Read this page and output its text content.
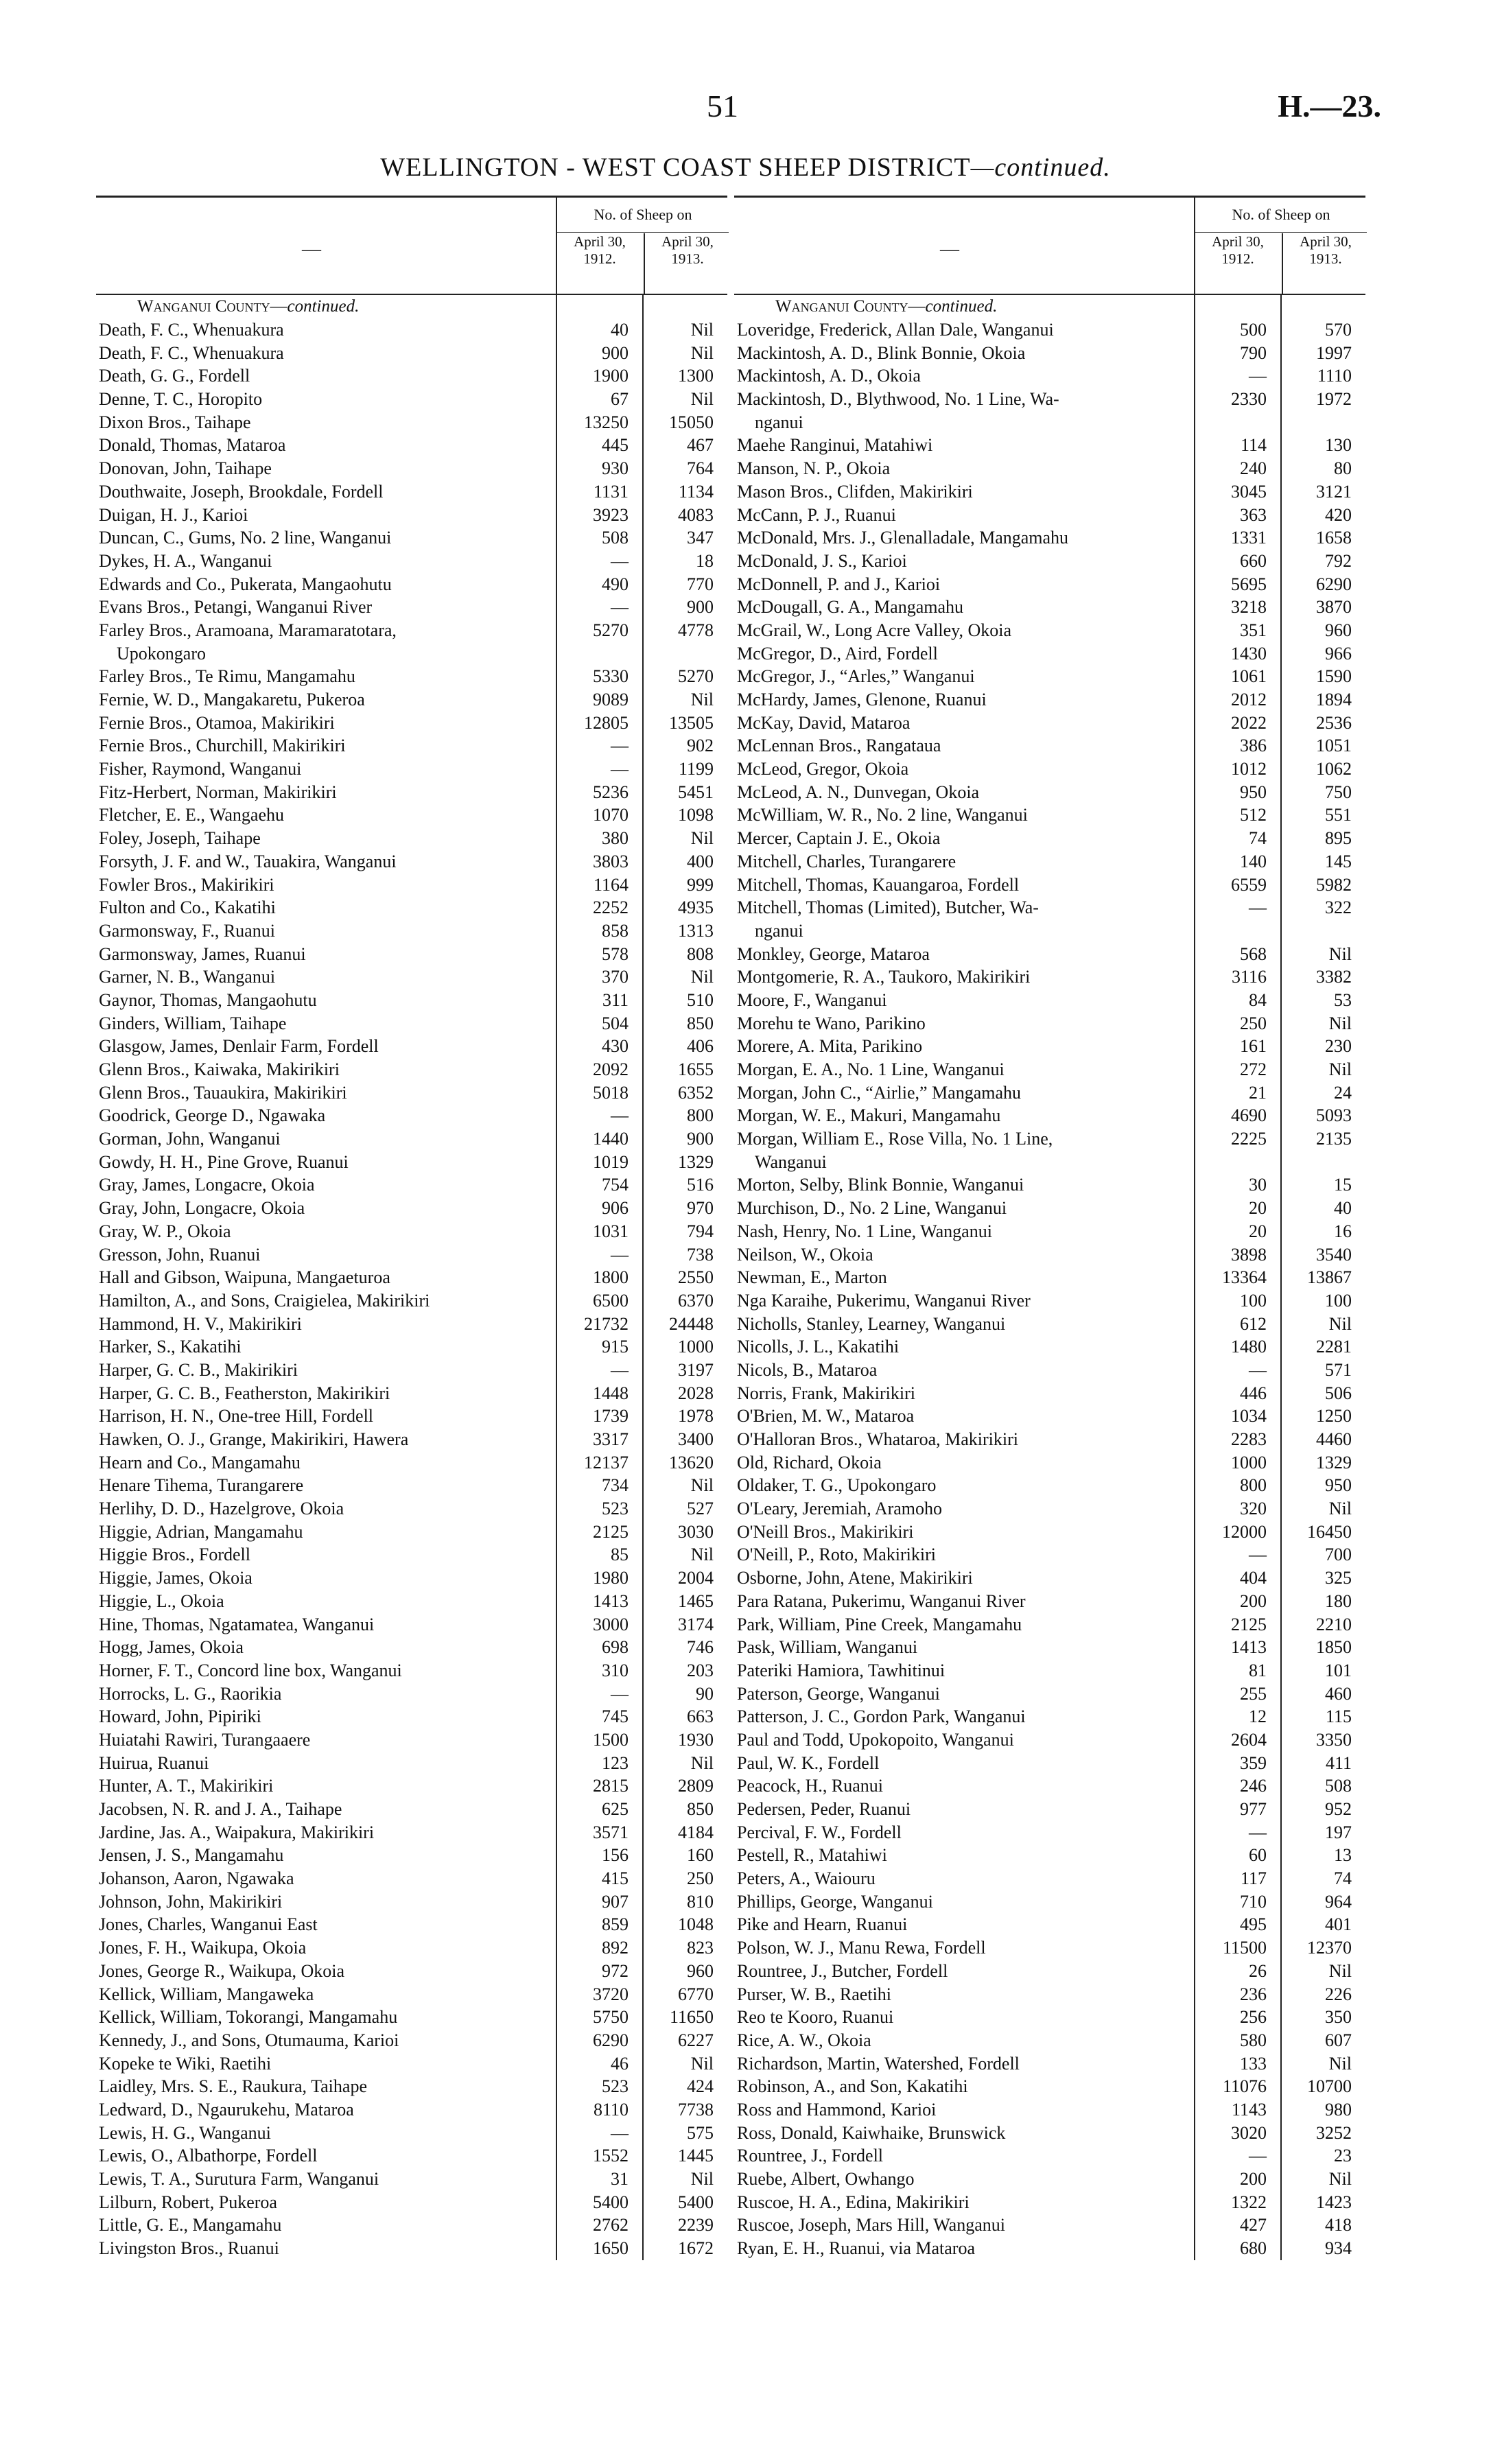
51	H.—23.
WELLINGTON - WEST COAST SHEEP DISTRICT—continued.
—
No. of Sheep on
April 30, 1912.
April 30, 1913.
Wanganui County—continued.
Death, F. C., Whenuakura	40	Nil
Death, F. C., Whenuakura	900	Nil
Death, G. G., Fordell	1900	1300
Denne, T. C., Horopito	67	Nil
Dixon Bros., Taihape	13250	15050
Donald, Thomas, Mataroa	445	467
Donovan, John, Taihape	930	764
Douthwaite, Joseph, Brookdale, Fordell	1131	1134
Duigan, H. J., Karioi	3923	4083
Duncan, C., Gums, No. 2 line, Wanganui	508	347
Dykes, H. A., Wanganui	—	18
Edwards and Co., Pukerata, Mangaohutu	490	770
Evans Bros., Petangi, Wanganui River	—	900
Farley Bros., Aramoana, Maramaratotara,	5270	4778
Upokongaro
Farley Bros., Te Rimu, Mangamahu	5330	5270
Fernie, W. D., Mangakaretu, Pukeroa	9089	Nil
Fernie Bros., Otamoa, Makirikiri	12805	13505
Fernie Bros., Churchill, Makirikiri	—	902
Fisher, Raymond, Wanganui	—	1199
Fitz-Herbert, Norman, Makirikiri	5236	5451
Fletcher, E. E., Wangaehu	1070	1098
Foley, Joseph, Taihape	380	Nil
Forsyth, J. F. and W., Tauakira, Wanganui	3803	400
Fowler Bros., Makirikiri	1164	999
Fulton and Co., Kakatihi	2252	4935
Garmonsway, F., Ruanui	858	1313
Garmonsway, James, Ruanui	578	808
Garner, N. B., Wanganui	370	Nil
Gaynor, Thomas, Mangaohutu	311	510
Ginders, William, Taihape	504	850
Glasgow, James, Denlair Farm, Fordell	430	406
Glenn Bros., Kaiwaka, Makirikiri	2092	1655
Glenn Bros., Tauaukira, Makirikiri	5018	6352
Goodrick, George D., Ngawaka	—	800
Gorman, John, Wanganui	1440	900
Gowdy, H. H., Pine Grove, Ruanui	1019	1329
Gray, James, Longacre, Okoia	754	516
Gray, John, Longacre, Okoia	906	970
Gray, W. P., Okoia	1031	794
Gresson, John, Ruanui	—	738
Hall and Gibson, Waipuna, Mangaeturoa	1800	2550
Hamilton, A., and Sons, Craigielea, Makirikiri	6500	6370
Hammond, H. V., Makirikiri	21732	24448
Harker, S., Kakatihi	915	1000
Harper, G. C. B., Makirikiri	—	3197
Harper, G. C. B., Featherston, Makirikiri	1448	2028
Harrison, H. N., One-tree Hill, Fordell	1739	1978
Hawken, O. J., Grange, Makirikiri, Hawera	3317	3400
Hearn and Co., Mangamahu	12137	13620
Henare Tihema, Turangarere	734	Nil
Herlihy, D. D., Hazelgrove, Okoia	523	527
Higgie, Adrian, Mangamahu	2125	3030
Higgie Bros., Fordell	85	Nil
Higgie, James, Okoia	1980	2004
Higgie, L., Okoia	1413	1465
Hine, Thomas, Ngatamatea, Wanganui	3000	3174
Hogg, James, Okoia	698	746
Horner, F. T., Concord line box, Wanganui	310	203
Horrocks, L. G., Raorikia	—	90
Howard, John, Pipiriki	745	663
Huiatahi Rawiri, Turangaaere	1500	1930
Huirua, Ruanui	123	Nil
Hunter, A. T., Makirikiri	2815	2809
Jacobsen, N. R. and J. A., Taihape	625	850
Jardine, Jas. A., Waipakura, Makirikiri	3571	4184
Jensen, J. S., Mangamahu	156	160
Johanson, Aaron, Ngawaka	415	250
Johnson, John, Makirikiri	907	810
Jones, Charles, Wanganui East	859	1048
Jones, F. H., Waikupa, Okoia	892	823
Jones, George R., Waikupa, Okoia	972	960
Kellick, William, Mangaweka	3720	6770
Kellick, William, Tokorangi, Mangamahu	5750	11650
Kennedy, J., and Sons, Otumauma, Karioi	6290	6227
Kopeke te Wiki, Raetihi	46	Nil
Laidley, Mrs. S. E., Raukura, Taihape	523	424
Ledward, D., Ngaurukehu, Mataroa	8110	7738
Lewis, H. G., Wanganui	—	575
Lewis, O., Albathorpe, Fordell	1552	1445
Lewis, T. A., Surutura Farm, Wanganui	31	Nil
Lilburn, Robert, Pukeroa	5400	5400
Little, G. E., Mangamahu	2762	2239
Livingston Bros., Ruanui	1650	1672
—
No. of Sheep on
April 30, 1912.
April 30, 1913.
Wanganui County—continued.
Loveridge, Frederick, Allan Dale, Wanganui	500	570
Mackintosh, A. D., Blink Bonnie, Okoia	790	1997
Mackintosh, A. D., Okoia	—	1110
Mackintosh, D., Blythwood, No. 1 Line, Wa-	2330	1972
nganui
Maehe Ranginui, Matahiwi	114	130
Manson, N. P., Okoia	240	80
Mason Bros., Clifden, Makirikiri	3045	3121
McCann, P. J., Ruanui	363	420
McDonald, Mrs. J., Glenalladale, Mangamahu	1331	1658
McDonald, J. S., Karioi	660	792
McDonnell, P. and J., Karioi	5695	6290
McDougall, G. A., Mangamahu	3218	3870
McGrail, W., Long Acre Valley, Okoia	351	960
McGregor, D., Aird, Fordell	1430	966
McGregor, J., “Arles,” Wanganui	1061	1590
McHardy, James, Glenone, Ruanui	2012	1894
McKay, David, Mataroa	2022	2536
McLennan Bros., Rangataua	386	1051
McLeod, Gregor, Okoia	1012	1062
McLeod, A. N., Dunvegan, Okoia	950	750
McWilliam, W. R., No. 2 line, Wanganui	512	551
Mercer, Captain J. E., Okoia	74	895
Mitchell, Charles, Turangarere	140	145
Mitchell, Thomas, Kauangaroa, Fordell	6559	5982
Mitchell, Thomas (Limited), Butcher, Wa-	—	322
nganui
Monkley, George, Mataroa	568	Nil
Montgomerie, R. A., Taukoro, Makirikiri	3116	3382
Moore, F., Wanganui	84	53
Morehu te Wano, Parikino	250	Nil
Morere, A. Mita, Parikino	161	230
Morgan, E. A., No. 1 Line, Wanganui	272	Nil
Morgan, John C., “Airlie,” Mangamahu	21	24
Morgan, W. E., Makuri, Mangamahu	4690	5093
Morgan, William E., Rose Villa, No. 1 Line,	2225	2135
Wanganui
Morton, Selby, Blink Bonnie, Wanganui	30	15
Murchison, D., No. 2 Line, Wanganui	20	40
Nash, Henry, No. 1 Line, Wanganui	20	16
Neilson, W., Okoia	3898	3540
Newman, E., Marton	13364	13867
Nga Karaihe, Pukerimu, Wanganui River	100	100
Nicholls, Stanley, Learney, Wanganui	612	Nil
Nicolls, J. L., Kakatihi	1480	2281
Nicols, B., Mataroa	—	571
Norris, Frank, Makirikiri	446	506
O'Brien, M. W., Mataroa	1034	1250
O'Halloran Bros., Whataroa, Makirikiri	2283	4460
Old, Richard, Okoia	1000	1329
Oldaker, T. G., Upokongaro	800	950
O'Leary, Jeremiah, Aramoho	320	Nil
O'Neill Bros., Makirikiri	12000	16450
O'Neill, P., Roto, Makirikiri	—	700
Osborne, John, Atene, Makirikiri	404	325
Para Ratana, Pukerimu, Wanganui River	200	180
Park, William, Pine Creek, Mangamahu	2125	2210
Pask, William, Wanganui	1413	1850
Pateriki Hamiora, Tawhitinui	81	101
Paterson, George, Wanganui	255	460
Patterson, J. C., Gordon Park, Wanganui	12	115
Paul and Todd, Upokopoito, Wanganui	2604	3350
Paul, W. K., Fordell	359	411
Peacock, H., Ruanui	246	508
Pedersen, Peder, Ruanui	977	952
Percival, F. W., Fordell	—	197
Pestell, R., Matahiwi	60	13
Peters, A., Waiouru	117	74
Phillips, George, Wanganui	710	964
Pike and Hearn, Ruanui	495	401
Polson, W. J., Manu Rewa, Fordell	11500	12370
Rountree, J., Butcher, Fordell	26	Nil
Purser, W. B., Raetihi	236	226
Reo te Kooro, Ruanui	256	350
Rice, A. W., Okoia	580	607
Richardson, Martin, Watershed, Fordell	133	Nil
Robinson, A., and Son, Kakatihi	11076	10700
Ross and Hammond, Karioi	1143	980
Ross, Donald, Kaiwhaike, Brunswick	3020	3252
Rountree, J., Fordell	—	23
Ruebe, Albert, Owhango	200	Nil
Ruscoe, H. A., Edina, Makirikiri	1322	1423
Ruscoe, Joseph, Mars Hill, Wanganui	427	418
Ryan, E. H., Ruanui, via Mataroa	680	934
